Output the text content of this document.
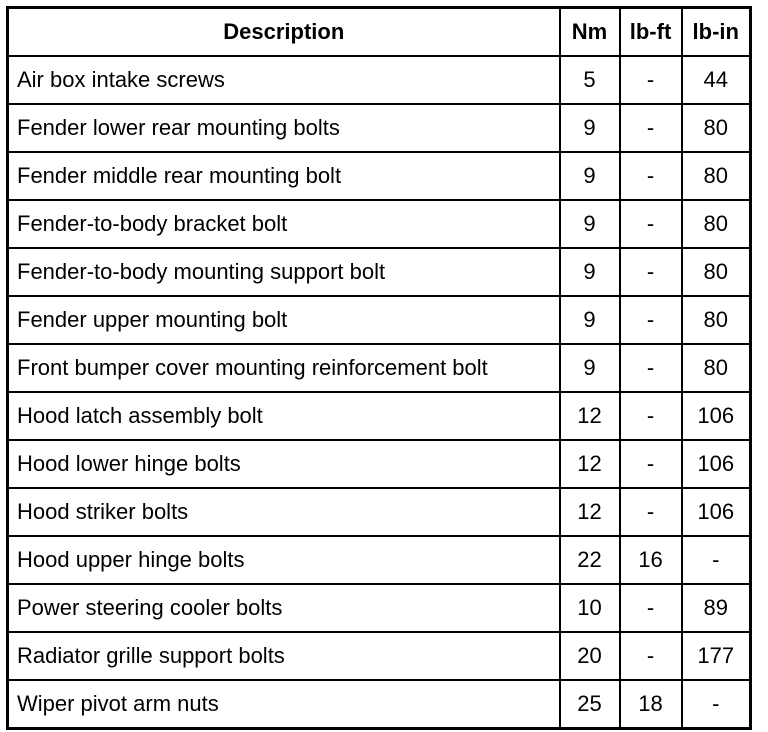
Description	Nm	lb-ft	lb-in
Air box intake screws	5	-	44
Fender lower rear mounting bolts	9	-	80
Fender middle rear mounting bolt	9	-	80
Fender-to-body bracket bolt	9	-	80
Fender-to-body mounting support bolt	9	-	80
Fender upper mounting bolt	9	-	80
Front bumper cover mounting reinforcement bolt	9	-	80
Hood latch assembly bolt	12	-	106
Hood lower hinge bolts	12	-	106
Hood striker bolts	12	-	106
Hood upper hinge bolts	22	16	-
Power steering cooler bolts	10	-	89
Radiator grille support bolts	20	-	177
Wiper pivot arm nuts	25	18	-
